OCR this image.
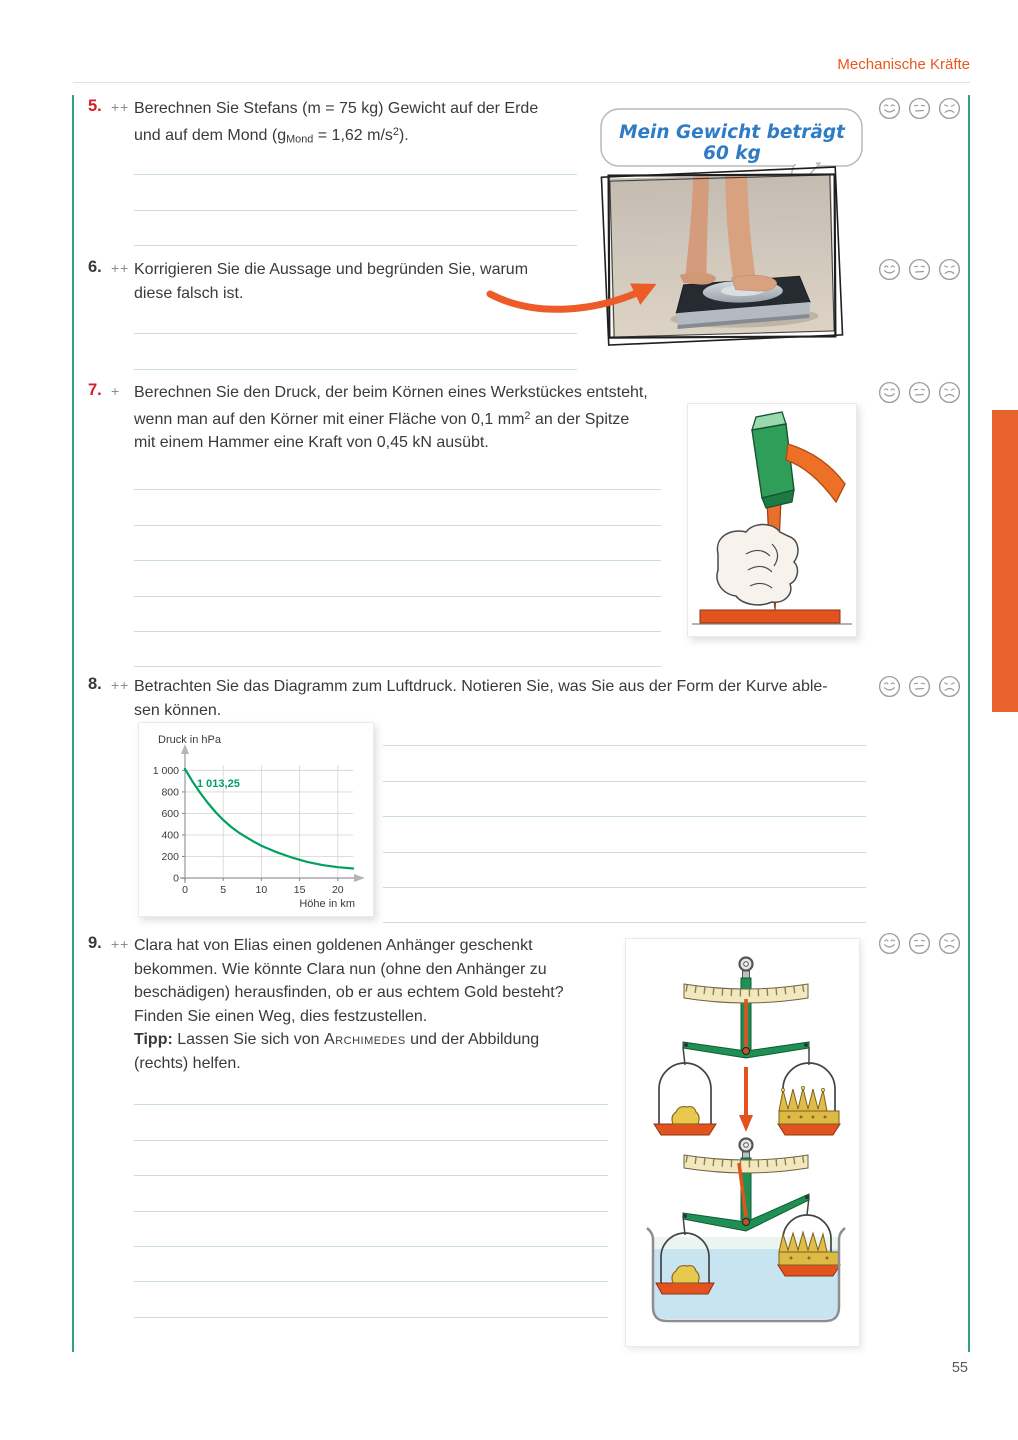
Mechanische Kräfte
55
5. ++ Berechnen Sie Stefans (m = 75 kg) Gewicht auf der Erde
und auf dem Mond ($g_{Mond} = 1,62$ $m/s^2$).	Mein Gewicht beträgt 60 kg
6. ++ Korrigieren Sie die Aussage und begründen Sie, warum
diese falsch ist.
7. + Berechnen Sie den Druck, der beim Körnen eines Werkstückes entsteht,
wenn man auf den Körner mit einer Fläche von 0,1 $mm^2$ an der Spitze
mit einem Hammer eine Kraft von 0,45 kN ausübt.
8. ++ Betrachten Sie das Diagramm zum Luftdruck. Notieren Sie, was Sie aus der Form der Kurve able-
sen können.
0
200
400
600
800
1 000
0	5	10	15	20
Druck in hPa
Höhe in km
1 013,25
9. ++ Clara hat von Elias einen goldenen Anhänger geschenkt
bekommen. Wie könnte Clara nun (ohne den Anhänger zu
beschädigen) herausfinden, ob er aus echtem Gold besteht?
Finden Sie einen Weg, dies festzustellen.
Tipp: Lassen Sie sich von Archimedes und der Abbildung
(rechts) helfen.
